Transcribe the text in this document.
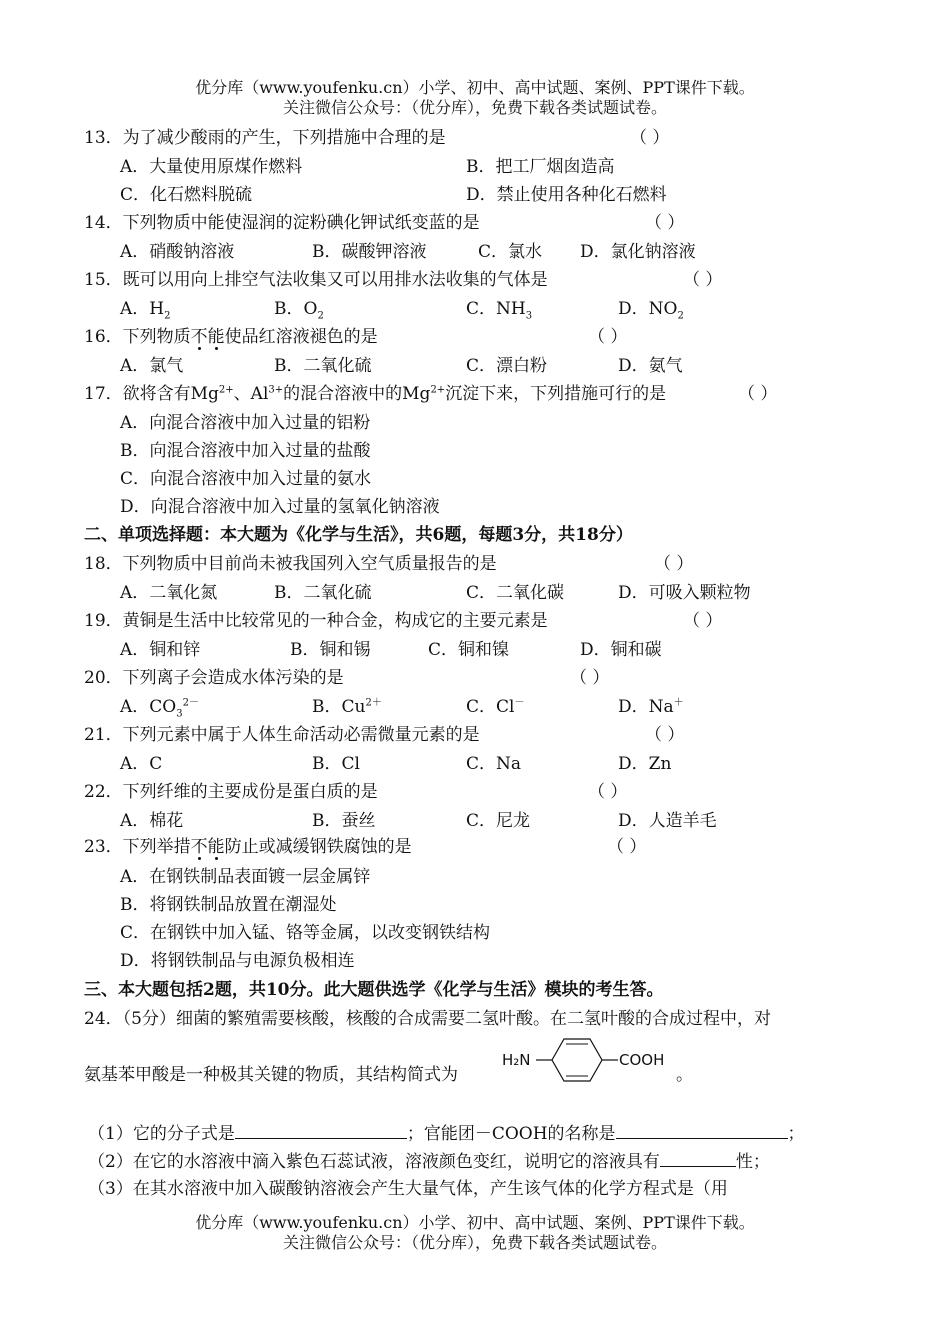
优分库（www.youfenku.cn）小学、初中、高中试题、案例、PPT课件下载。
关注微信公众号：（优分库），免费下载各类试题试卷。
13．为了减少酸雨的产生，下列措施中合理的是	（ ）
A．大量使用原煤作燃料	B．把工厂烟囱造高
C．化石燃料脱硫	D．禁止使用各种化石燃料
14．下列物质中能使湿润的淀粉碘化钾试纸变蓝的是	（ ）
A．硝酸钠溶液	B．碳酸钾溶液	C．氯水 D．氯化钠溶液
15．既可以用向上排空气法收集又可以用排水法收集的气体是	（ ）
A．$H_2$	B．$O_2$	C．$NH_3$	D．$NO_2$
16．下列物质不能使品红溶液褪色的是	（ ）
A．氯气	B．二氧化硫	C．漂白粉	D．氨气
17．欲将含有$Mg^{2+}$、$Al^{3+}$的混合溶液中的$Mg^{2+}$沉淀下来，下列措施可行的是	（ ）
A．向混合溶液中加入过量的铝粉
B．向混合溶液中加入过量的盐酸
C．向混合溶液中加入过量的氨水
D．向混合溶液中加入过量的氢氧化钠溶液
二、单项选择题：本大题为《化学与生活》，共6题，每题3分，共18分）
18．下列物质中目前尚未被我国列入空气质量报告的是	（ ）
A．二氧化氮	B．二氧化硫	C．二氧化碳	D．可吸入颗粒物
19．黄铜是生活中比较常见的一种合金，构成它的主要元素是	（ ）
A．铜和锌	B．铜和锡	C．铜和镍	D．铜和碳
20．下列离子会造成水体污染的是	（ ）
A．$CO_3^{2-}$	B．$Cu^{2+}$	C．Cl－	D．Na＋
21．下列元素中属于人体生命活动必需微量元素的是	（ ）
A．C	B．Cl	C．Na	D．Zn
22．下列纤维的主要成份是蛋白质的是	（ ）
A．棉花	B．蚕丝	C．尼龙	D．人造羊毛
23．下列举措不能防止或减缓钢铁腐蚀的是	（ ）
A．在钢铁制品表面镀一层金属锌
B．将钢铁制品放置在潮湿处
C．在钢铁中加入锰、铬等金属，以改变钢铁结构
D．将钢铁制品与电源负极相连
三、本大题包括2题，共10分。此大题供选学《化学与生活》模块的考生答。
24．（5分）细菌的繁殖需要核酸，核酸的合成需要二氢叶酸。在二氢叶酸的合成过程中，对
氨基苯甲酸是一种极其关键的物质，其结构简式为
H₂N	COOH
。
（1）它的分子式是	；官能团－COOH的名称是	；
（2）在它的水溶液中滴入紫色石蕊试液，溶液颜色变红，说明它的溶液具有	性；
（3）在其水溶液中加入碳酸钠溶液会产生大量气体，产生该气体的化学方程式是（用
优分库（www.youfenku.cn）小学、初中、高中试题、案例、PPT课件下载。
关注微信公众号：（优分库），免费下载各类试题试卷。
